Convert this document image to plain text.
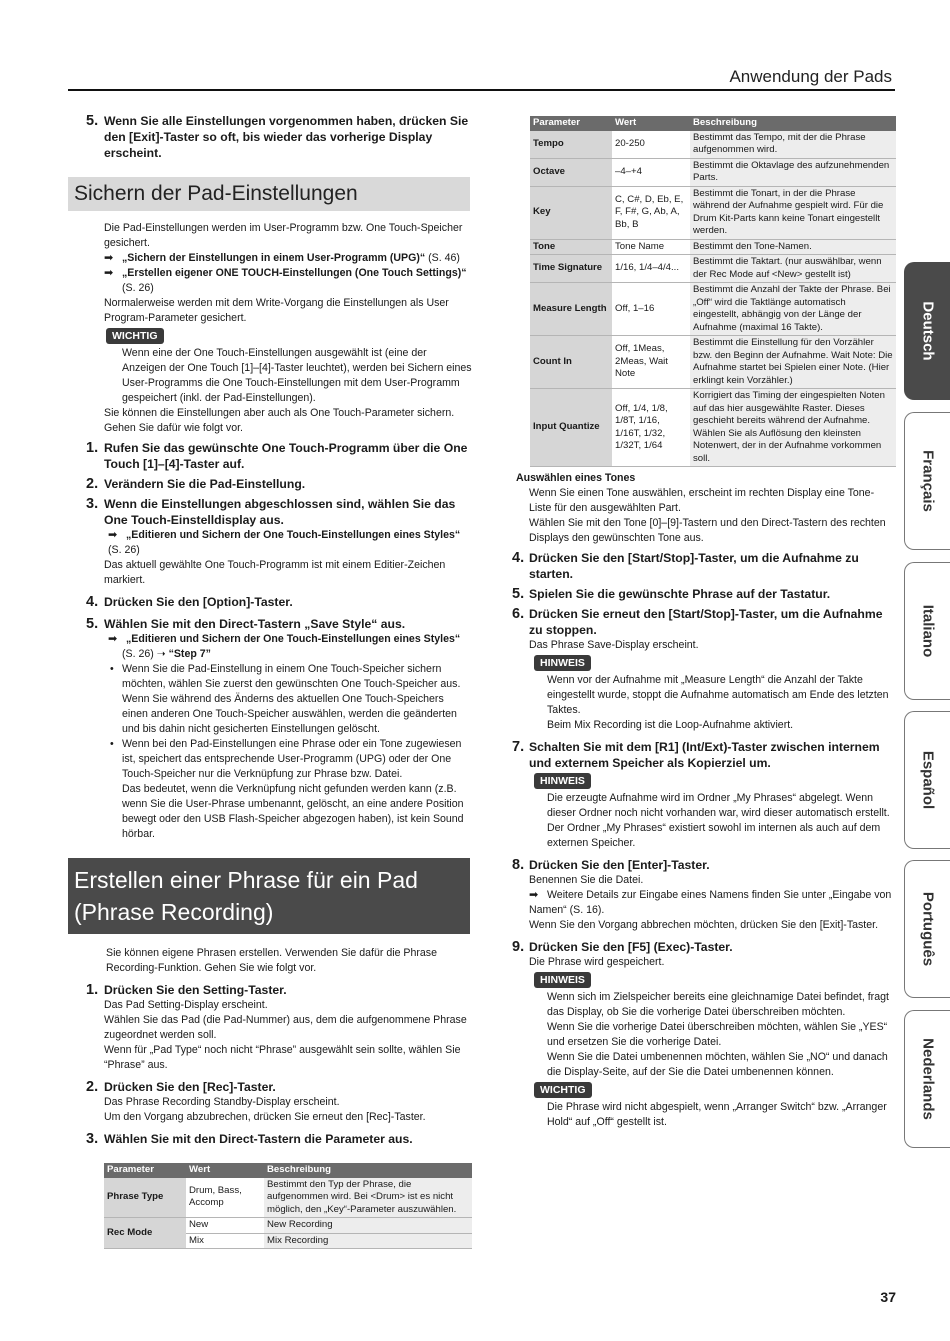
Anwendung der Pads
5. Wenn Sie alle Einstellungen vorgenommen haben, drücken Sie den [Exit]-Taster so oft, bis wieder das vorherige Display erscheint.
Sichern der Pad-Einstellungen

Die Pad-Einstellungen werden im User-Programm bzw. One Touch-Speicher gesichert.

➡ „Sichern der Einstellungen in einem User-Programm (UPG)“ (S. 46)
➡ „Erstellen eigener ONE TOUCH-Einstellungen (One Touch Settings)“
(S. 26)

Normalerweise werden mit dem Write-Vorgang die Einstellungen als User Program-Parameter gesichert.

WICHTIG
Wenn eine der One Touch-Einstellungen ausgewählt ist (eine der Anzeigen der One Touch [1]–[4]-Taster leuchtet), werden bei Sichern eines User-Programms die One Touch-Einstellungen mit dem User-Programm gespeichert (inkl. der Pad-Einstellungen).

Sie können die Einstellungen aber auch als One Touch-Parameter sichern. Gehen Sie dafür wie folgt vor.

1. Rufen Sie das gewünschte One Touch-Programm über die One Touch [1]–[4]-Taster auf.
2. Verändern Sie die Pad-Einstellung.
3. Wenn die Einstellungen abgeschlossen sind, wählen Sie das One Touch-Einstelldisplay aus.
➡ „Editieren und Sichern der One Touch-Einstellungen eines Styles“
(S. 26)

Das aktuell gewählte One Touch-Programm ist mit einem Editier-Zeichen markiert.

4. Drücken Sie den [Option]-Taster.
5. Wählen Sie mit den Direct-Tastern „Save Style“ aus.
➡ „Editieren und Sichern der One Touch-Einstellungen eines Styles“
(S. 26) ➝ “Step 7”
• Wenn Sie die Pad-Einstellung in einem One Touch-Speicher sichern möchten, wählen Sie zuerst den gewünschten One Touch-Speicher aus. Wenn Sie während des Änderns des aktuellen One Touch-Speichers einen anderen One Touch-Speicher auswählen, werden die geänderten und bis dahin nicht gesicherten Einstellungen gelöscht.
• Wenn bei den Pad-Einstellungen eine Phrase oder ein Tone zugewiesen ist, speichert das entsprechende User-Programm (UPG) oder der One Touch-Speicher nur die Verknüpfung zur Phrase bzw. Datei.
Das bedeutet, wenn die Verknüpfung nicht gefunden werden kann (z.B. wenn Sie die User-Phrase umbenannt, gelöscht, an eine andere Position bewegt oder den USB Flash-Speicher abgezogen haben), ist kein Sound hörbar.
Erstellen einer Phrase für ein Pad
(Phrase Recording)

Sie können eigene Phrasen erstellen. Verwenden Sie dafür die Phrase Recording-Funktion. Gehen Sie wie folgt vor.

1. Drücken Sie den Setting-Taster.
Das Pad Setting-Display erscheint.
Wählen Sie das Pad (die Pad-Nummer) aus, dem die aufgenommene Phrase zugeordnet werden soll.
Wenn für „Pad Type“ noch nicht “Phrase” ausgewählt sein sollte, wählen Sie “Phrase” aus.
2. Drücken Sie den [Rec]-Taster.
Das Phrase Recording Standby-Display erscheint.
Um den Vorgang abzubrechen, drücken Sie erneut den [Rec]-Taster.
3. Wählen Sie mit den Direct-Tastern die Parameter aus.
Parameter	Wert	Beschreibung
Phrase Type	Drum, Bass, Accomp	Bestimmt den Typ der Phrase, die aufgenommen wird. Bei <Drum> ist es nicht möglich, den „Key“-Parameter auszuwählen.
Rec Mode	New	New Recording
	Mix	Mix Recording
Parameter	Wert	Beschreibung
Tempo	20-250	Bestimmt das Tempo, mit der die Phrase aufgenommen wird.
Octave	–4–+4	Bestimmt die Oktavlage des aufzunehmenden Parts.
Key	C, C#, D, Eb, E, F, F#, G, Ab, A, Bb, B	Bestimmt die Tonart, in der die Phrase während der Aufnahme gespielt wird. Für die Drum Kit-Parts kann keine Tonart eingestellt werden.
Tone	Tone Name	Bestimmt den Tone-Namen.
Time Signature	1/16, 1/4–4/4...	Bestimmt die Taktart. (nur auswählbar, wenn der Rec Mode auf <New> gestellt ist)
Measure Length	Off, 1–16	Bestimmt die Anzahl der Takte der Phrase. Bei „Off“ wird die Taktlänge automatisch eingestellt, abhängig von der Länge der Aufnahme (maximal 16 Takte).
Count In	Off, 1Meas, 2Meas, Wait Note	Bestimmt die Einstellung für den Vorzähler bzw. den Beginn der Aufnahme. Wait Note: Die Aufnahme startet bei Spielen einer Note. (Hier erklingt kein Vorzähler.)
Input Quantize	Off, 1/4, 1/8, 1/8T, 1/16, 1/16T, 1/32, 1/32T, 1/64	Korrigiert das Timing der eingespielten Noten auf das hier ausgewählte Raster. Dieses geschieht bereits während der Aufnahme. Wählen Sie als Auflösung den kleinsten Notenwert, der in der Aufnahme vorkommen soll.
Auswählen eines Tones

Wenn Sie einen Tone auswählen, erscheint im rechten Display eine Tone-Liste für den ausgewählten Part.

Wählen Sie mit den Tone [0]–[9]-Tastern und den Direct-Tastern des rechten Displays den gewünschten Tone aus.

4. Drücken Sie den [Start/Stop]-Taster, um die Aufnahme zu starten.
5. Spielen Sie die gewünschte Phrase auf der Tastatur.
6. Drücken Sie erneut den [Start/Stop]-Taster, um die Aufnahme zu stoppen.
Das Phrase Save-Display erscheint.
HINWEIS
Wenn vor der Aufnahme mit „Measure Length“ die Anzahl der Takte eingestellt wurde, stoppt die Aufnahme automatisch am Ende des letzten Taktes.
Beim Mix Recording ist die Loop-Aufnahme aktiviert.
7. Schalten Sie mit dem [R1] (Int/Ext)-Taster zwischen internem und externem Speicher als Kopierziel um.
HINWEIS
Die erzeugte Aufnahme wird im Ordner „My Phrases“ abgelegt. Wenn dieser Ordner noch nicht vorhanden war, wird dieser automatisch erstellt. Der Ordner „My Phrases“ existiert sowohl im internen als auch auf dem externen Speicher.
8. Drücken Sie den [Enter]-Taster.
Benennen Sie die Datei.
➡ Weitere Details zur Eingabe eines Namens finden Sie unter „Eingabe von Namen“ (S. 16).

Wenn Sie den Vorgang abbrechen möchten, drücken Sie den [Exit]-Taster.

9. Drücken Sie den [F5] (Exec)-Taster.
Die Phrase wird gespeichert.
HINWEIS
Wenn sich im Zielspeicher bereits eine gleichnamige Datei befindet, fragt das Display, ob Sie die vorherige Datei überschreiben möchten.
Wenn Sie die vorherige Datei überschreiben möchten, wählen Sie „YES“ und ersetzen Sie die vorherige Datei.
Wenn Sie die Datei umbenennen möchten, wählen Sie „NO“ und danach die Display-Seite, auf der Sie die Datei umbenennen können.
WICHTIG
Die Phrase wird nicht abgespielt, wenn „Arranger Switch“ bzw. „Arranger Hold“ auf „Off“ gestellt ist.
Deutsch
Français
Italiano
Español
Português
Nederlands
37
